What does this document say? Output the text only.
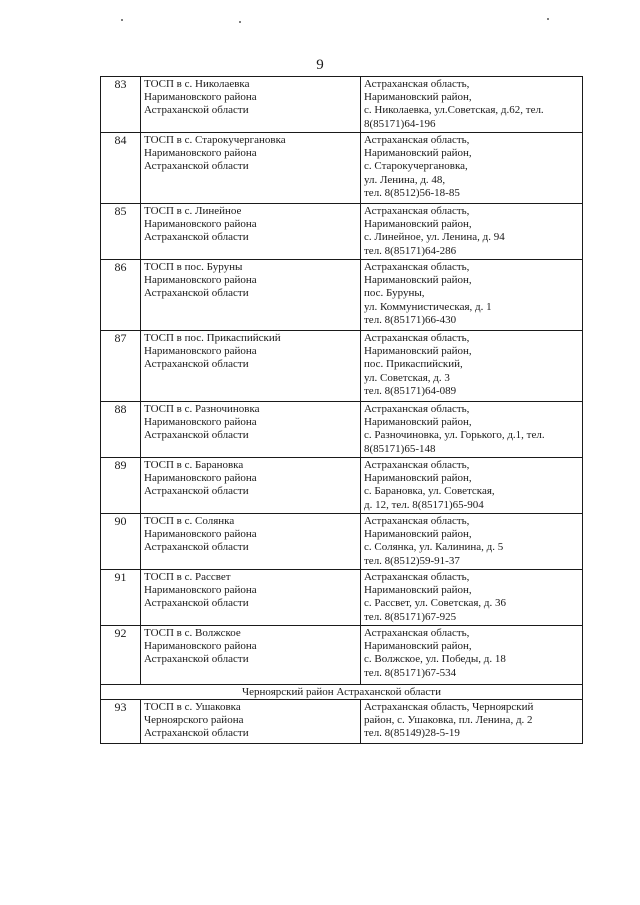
9
83	ТОСП в с. Николаевка
Наримановского района
Астраханской области	Астраханская область,
Наримановский район,
с. Николаевка, ул.Советская, д.62, тел.
8(85171)64-196

84	ТОСП в с. Старокучергановка
Наримановского района
Астраханской области	Астраханская область,
Наримановский район,
с. Старокучергановка,
ул. Ленина, д. 48,
тел. 8(8512)56-18-85

85	ТОСП в с. Линейное
Наримановского района
Астраханской области	Астраханская область,
Наримановский район,
с. Линейное, ул. Ленина, д. 94
тел. 8(85171)64-286

86	ТОСП в пос. Буруны
Наримановского района
Астраханской области	Астраханская область,
Наримановский район,
пос. Буруны,
ул. Коммунистическая, д. 1
тел. 8(85171)66-430

87	ТОСП в пос. Прикаспийский
Наримановского района
Астраханской области	Астраханская область,
Наримановский район,
пос. Прикаспийский,
ул. Советская, д. 3
тел. 8(85171)64-089

88	ТОСП в с. Разночиновка
Наримановского района
Астраханской области	Астраханская область,
Наримановский район,
с. Разночиновка, ул. Горького, д.1, тел.
8(85171)65-148

89	ТОСП в с. Барановка
Наримановского района
Астраханской области	Астраханская область,
Наримановский район,
с. Барановка, ул. Советская,
д. 12, тел. 8(85171)65-904

90	ТОСП в с. Солянка
Наримановского района
Астраханской области	Астраханская область,
Наримановский район,
с. Солянка, ул. Калинина, д. 5
тел. 8(8512)59-91-37

91	ТОСП в с. Рассвет
Наримановского района
Астраханской области	Астраханская область,
Наримановский район,
с. Рассвет, ул. Советская, д. 36
тел. 8(85171)67-925

92	ТОСП в с. Волжское
Наримановского района
Астраханской области	Астраханская область,
Наримановский район,
с. Волжское, ул. Победы, д. 18
тел. 8(85171)67-534

Черноярский район Астраханской области		
93	ТОСП в с. Ушаковка
Черноярского района
Астраханской области	Астраханская область, Черноярский
район, с. Ушаковка, пл. Ленина, д. 2
тел. 8(85149)28-5-19
